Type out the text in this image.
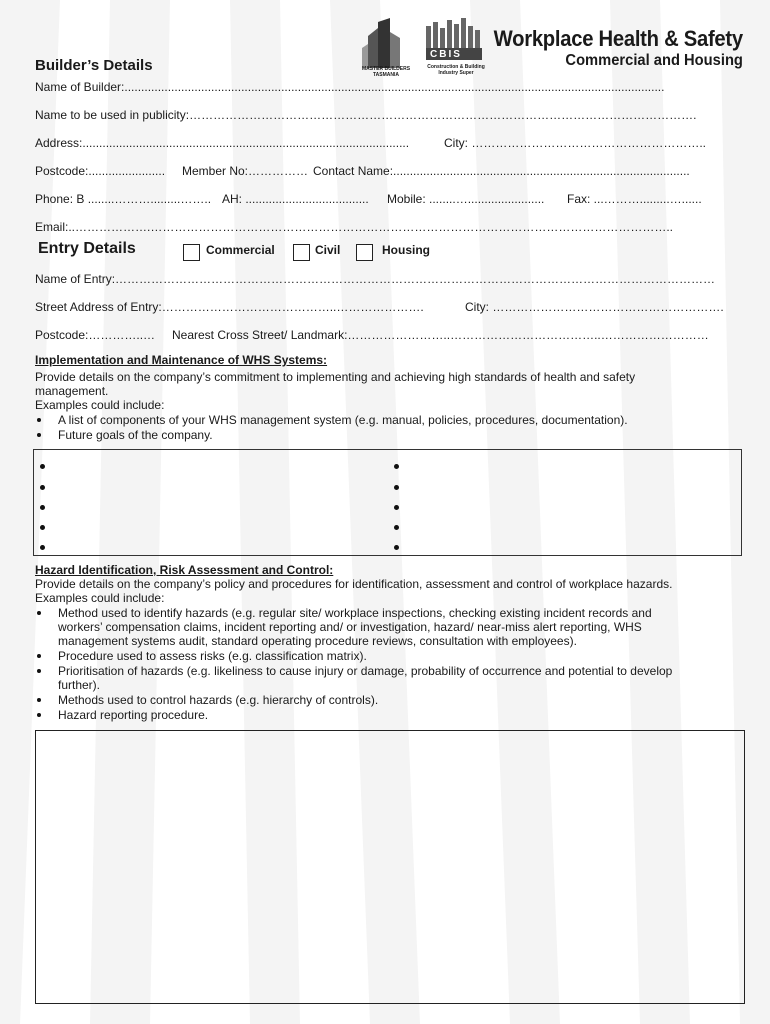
Workplace Health & Safety
Commercial and Housing
MASTER BUILDERS TASMANIA
CBIS
Construction & Building Industry Super
Builder’s Details
Name of Builder:..................................................................................................................................................................
Name to be used in publicity:……………………………………………………………………………………………………………….
Address:..................................................................................................	City: …………………………………………………..
Postcode:....................... Member No:…………… Contact Name:.........................................................................................
Phone: B ........……….........…….. AH: ..................................... Mobile: ........…....................... Fax: ...……….........…......
Email:..……………….…………………………………………………………………………………………………………………..
Entry Details	Commercial	Civil	Housing
Name of Entry:……………………………………………………………………………………………………………………………………
Street Address of Entry:……………………………………..………………….	City: ………………………………………………….
Postcode:…………..… Nearest Cross Street/ Landmark:……………………..………………………………..………………………
Implementation and Maintenance of WHS Systems:
Provide details on the company’s commitment to implementing and achieving high standards of health and safety
management.
Examples could include:
A list of components of your WHS management system (e.g. manual, policies, procedures, documentation).
Future goals of the company.
Hazard Identification, Risk Assessment and Control:
Provide details on the company’s policy and procedures for identification, assessment and control of workplace hazards.
Examples could include:
Method used to identify hazards (e.g. regular site/ workplace inspections, checking existing incident records and
workers’ compensation claims, incident reporting and/ or investigation, hazard/ near-miss alert reporting, WHS
management systems audit, standard operating procedure reviews, consultation with employees).
Procedure used to assess risks (e.g. classification matrix).
Prioritisation of hazards (e.g. likeliness to cause injury or damage, probability of occurrence and potential to develop
further).
Methods used to control hazards (e.g. hierarchy of controls).
Hazard reporting procedure.
